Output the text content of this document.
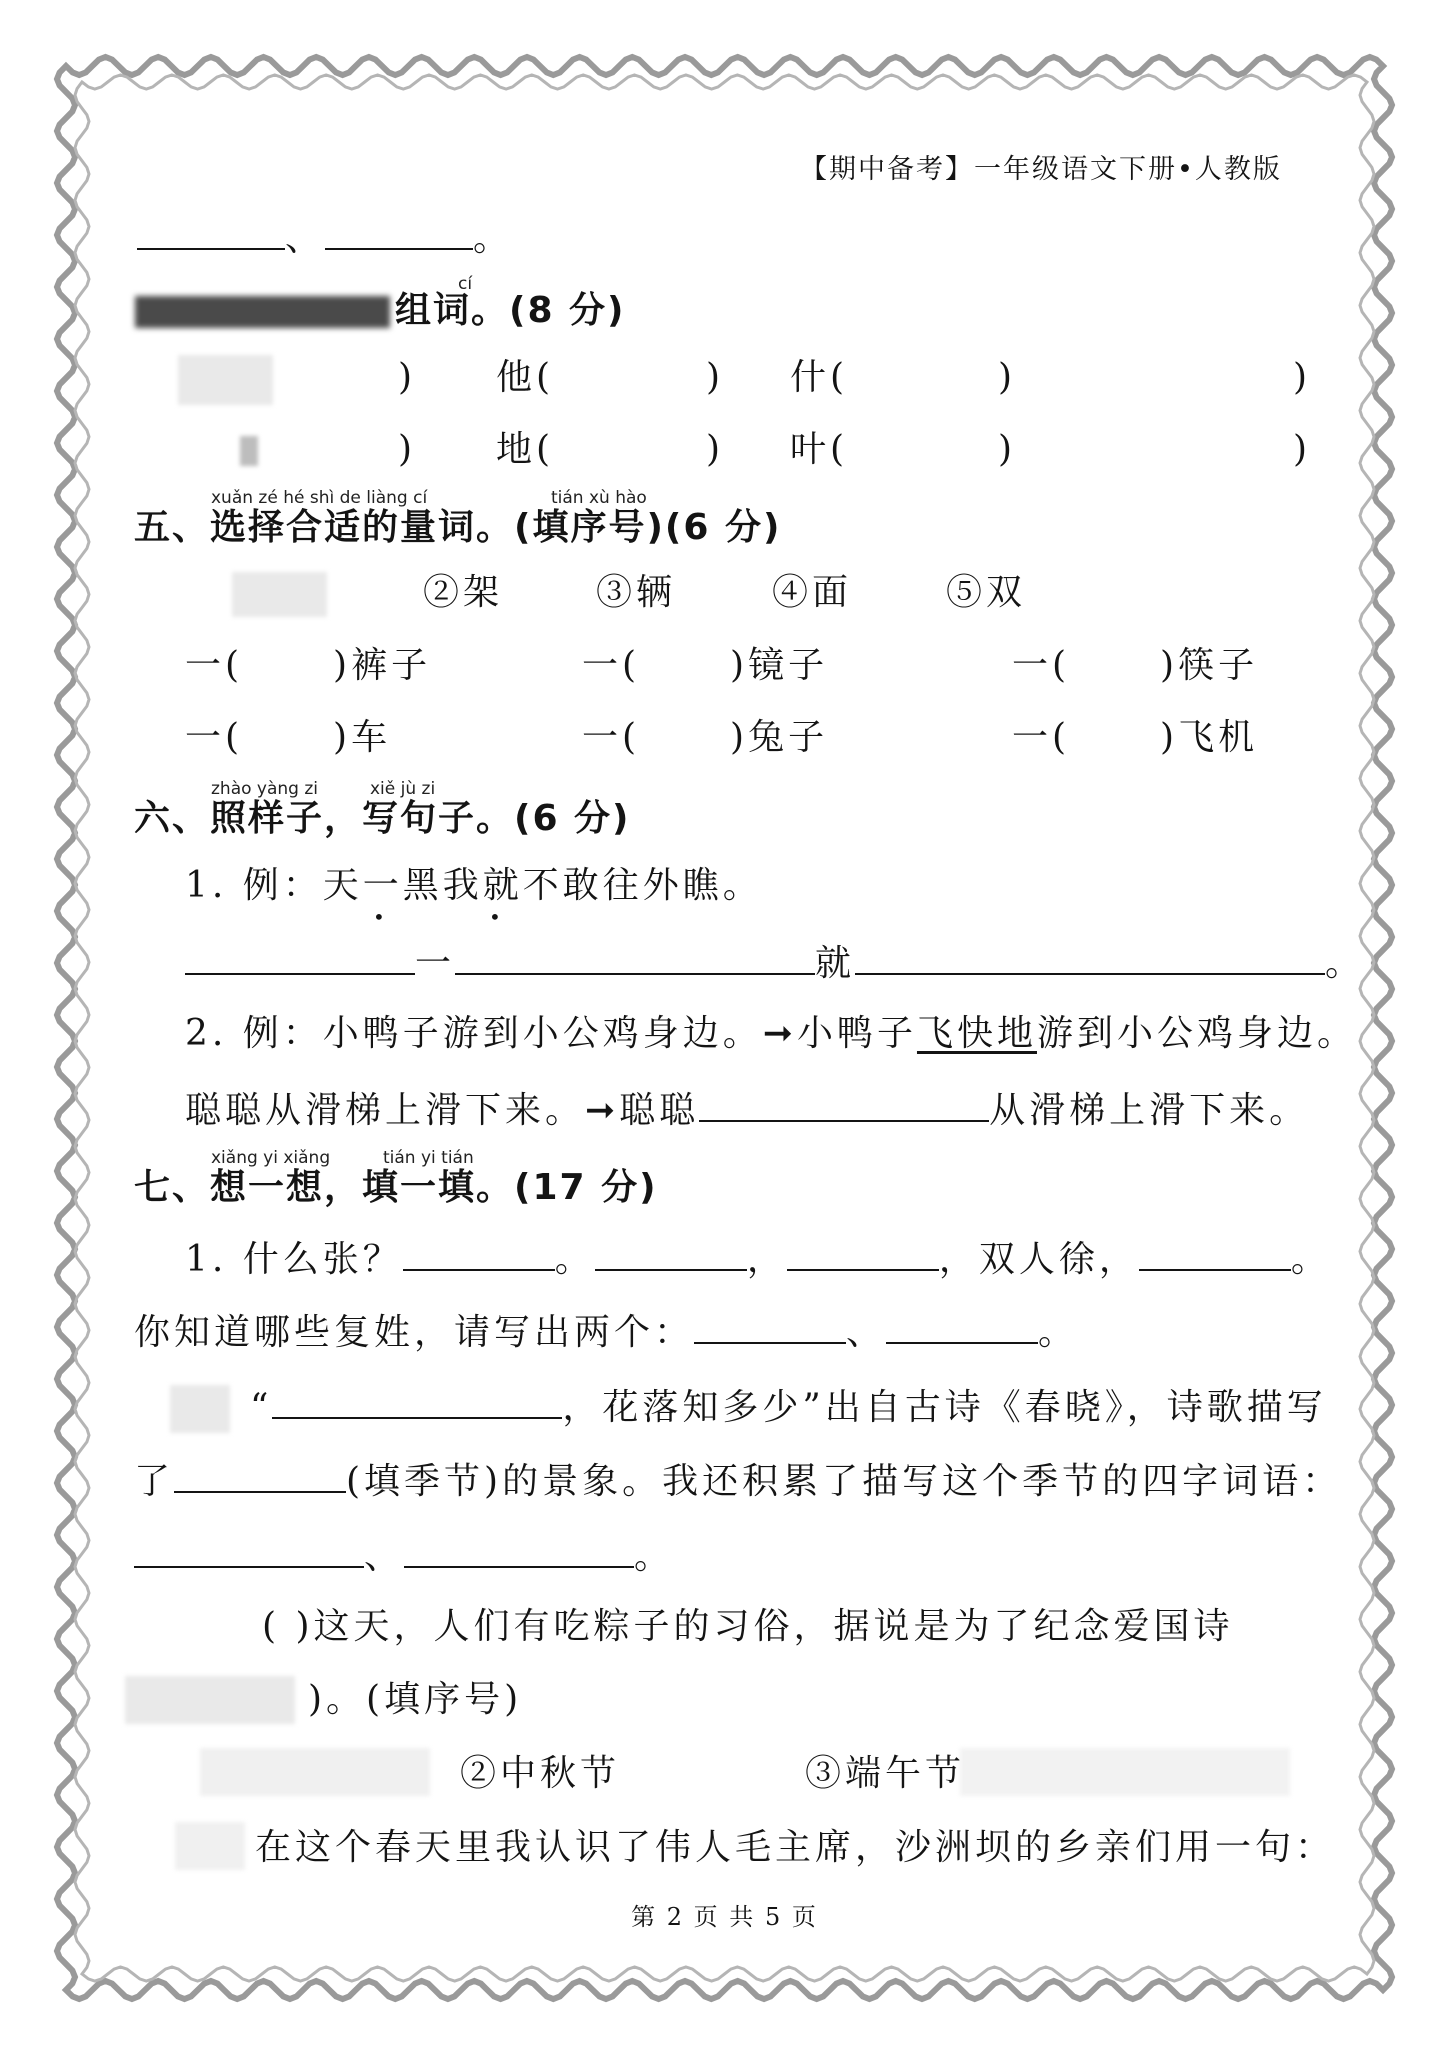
【期中备考】一年级语文下册•人教版
、	。
cí
组词。(8 分)
) 他(	) 什(	)	)
) 地(	) 叶(	)	)
xuǎn zé hé shì de liàng cí	tián xù hào
五、选择合适的量词。(填序号)(6 分)
②架	③辆	④面	⑤双
一(	)裤子	一(	)镜子	一(	)筷子
一(	)车	一(	)兔子	一(	)飞机
zhào yàng zi	xiě jù zi
六、照样子，写句子。(6 分)
1. 例：天一黑我就不敢往外瞧。
•	•
一	就	。
2. 例：小鸭子游到小公鸡身边。➞小鸭子飞快地游到小公鸡身边。
聪聪从滑梯上滑下来。➞聪聪	从滑梯上滑下来。
xiǎng yi xiǎng	tián yi tián
七、想一想，填一填。(17 分)
1. 什么张？	。	，	，双人徐，	。
你知道哪些复姓，请写出两个：	、	。
“	，花落知多少”出自古诗《春晓》，诗歌描写
了	(填季节)的景象。我还积累了描写这个季节的四字词语：
、	。
( )这天，人们有吃粽子的习俗，据说是为了纪念爱国诗
)。(填序号)
②中秋节	③端午节
在这个春天里我认识了伟人毛主席，沙洲坝的乡亲们用一句：
第 2 页 共 5 页
